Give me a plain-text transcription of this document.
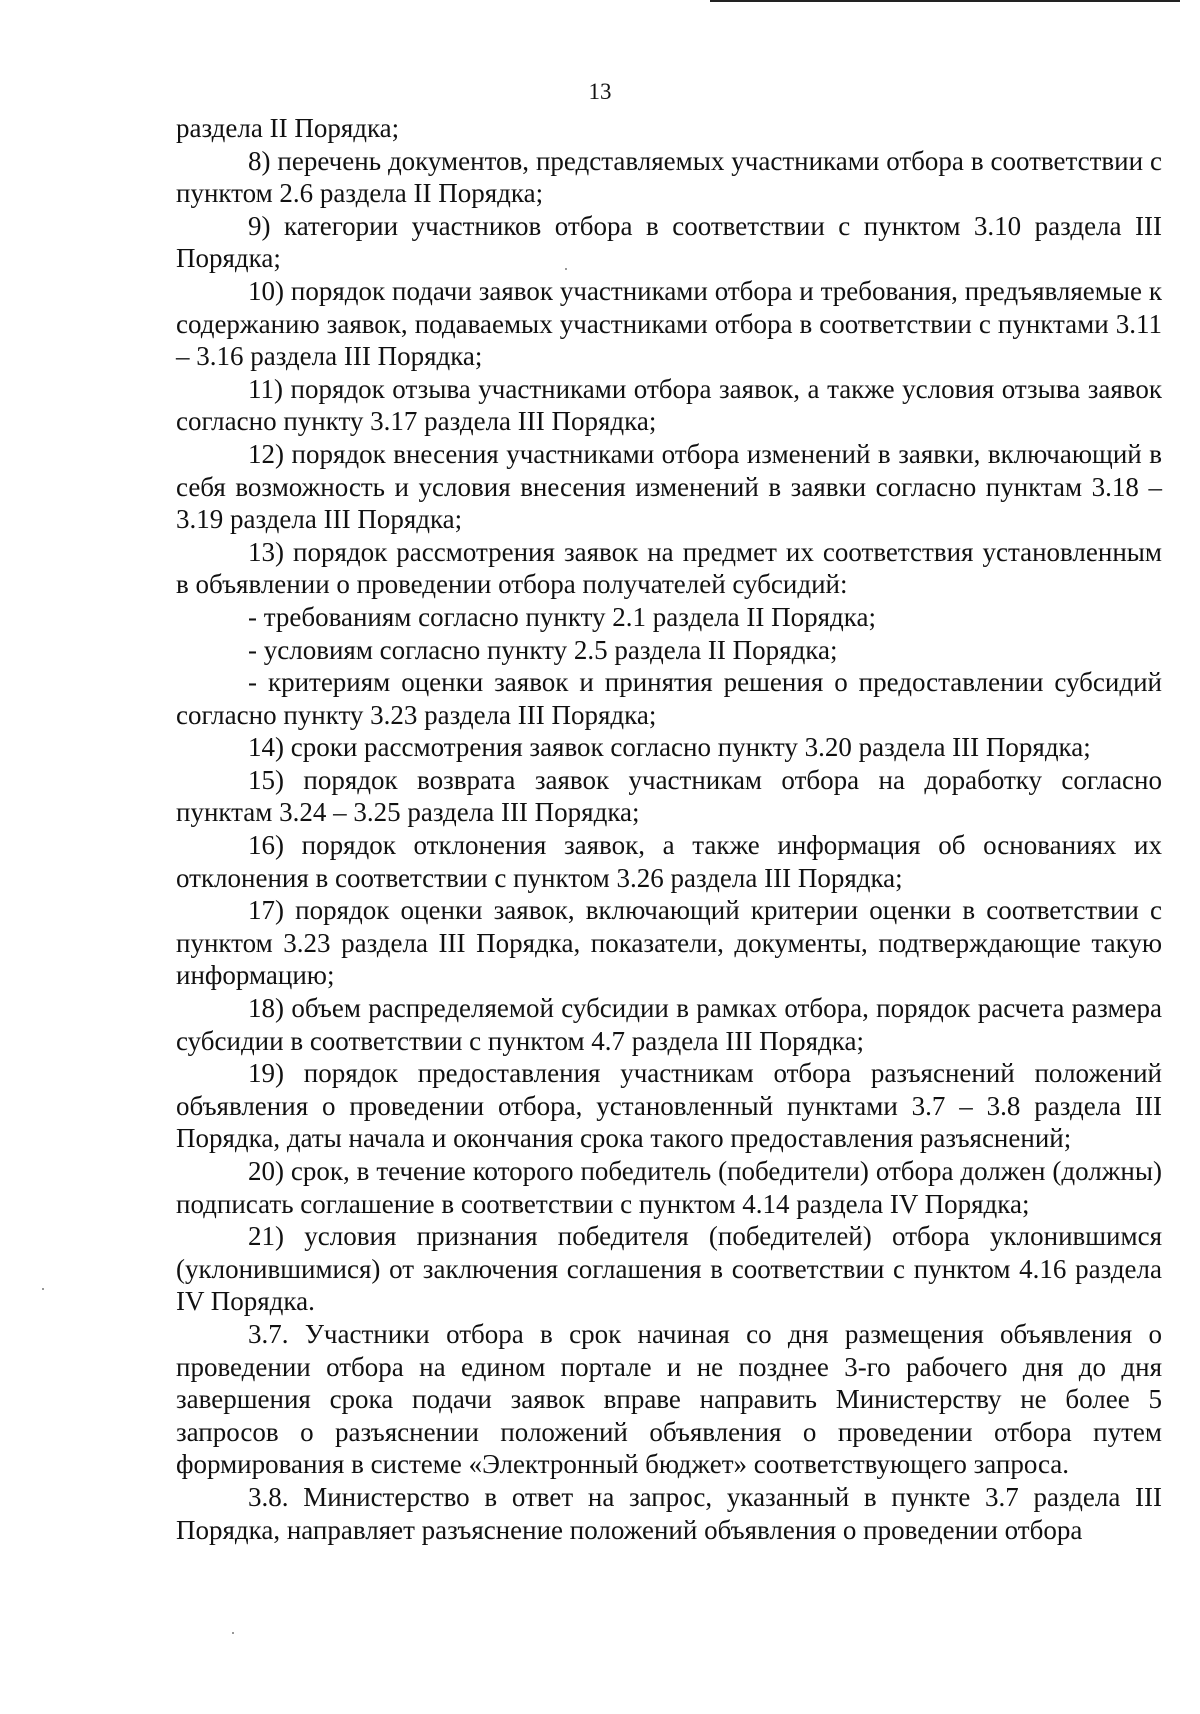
13

раздела II Порядка;

8) перечень документов, представляемых участниками отбора в соответствии с пунктом 2.6 раздела II Порядка;

9) категории участников отбора в соответствии с пунктом 3.10 раздела III Порядка;

10) порядок подачи заявок участниками отбора и требования, предъявляемые к содержанию заявок, подаваемых участниками отбора в соответствии с пунктами 3.11 – 3.16 раздела III Порядка;

11) порядок отзыва участниками отбора заявок, а также условия отзыва заявок согласно пункту 3.17 раздела III Порядка;

12) порядок внесения участниками отбора изменений в заявки, включающий в себя возможность и условия внесения изменений в заявки согласно пунктам 3.18 –3.19 раздела III Порядка;

13) порядок рассмотрения заявок на предмет их соответствия установленным в объявлении о проведении отбора получателей субсидий:

- требованиям согласно пункту 2.1 раздела II Порядка;

- условиям согласно пункту 2.5 раздела II Порядка;

- критериям оценки заявок и принятия решения о предоставлении субсидий согласно пункту 3.23 раздела III Порядка;

14) сроки рассмотрения заявок согласно пункту 3.20 раздела III Порядка;

15) порядок возврата заявок участникам отбора на доработку согласно пунктам 3.24 – 3.25 раздела III Порядка;

16) порядок отклонения заявок, а также информация об основаниях их отклонения в соответствии с пунктом 3.26 раздела III Порядка;

17) порядок оценки заявок, включающий критерии оценки в соответствии с пунктом 3.23 раздела III Порядка, показатели, документы, подтверждающие такую информацию;

18) объем распределяемой субсидии в рамках отбора, порядок расчета размера субсидии в соответствии с пунктом 4.7 раздела III Порядка;

19) порядок предоставления участникам отбора разъяснений положений объявления о проведении отбора, установленный пунктами 3.7 – 3.8 раздела III Порядка, даты начала и окончания срока такого предоставления разъяснений;

20) срок, в течение которого победитель (победители) отбора должен (должны) подписать соглашение в соответствии с пунктом 4.14 раздела IV Порядка;

21) условия признания победителя (победителей) отбора уклонившимся (уклонившимися) от заключения соглашения в соответствии с пунктом 4.16 раздела IV Порядка.

3.7. Участники отбора в срок начиная со дня размещения объявления о проведении отбора на едином портале и не позднее 3-го рабочего дня до дня завершения срока подачи заявок вправе направить Министерству не более 5 запросов о разъяснении положений объявления о проведении отбора путем формирования в системе «Электронный бюджет» соответствующего запроса.

3.8. Министерство в ответ на запрос, указанный в пункте 3.7 раздела III Порядка, направляет разъяснение положений объявления о проведении отбора
